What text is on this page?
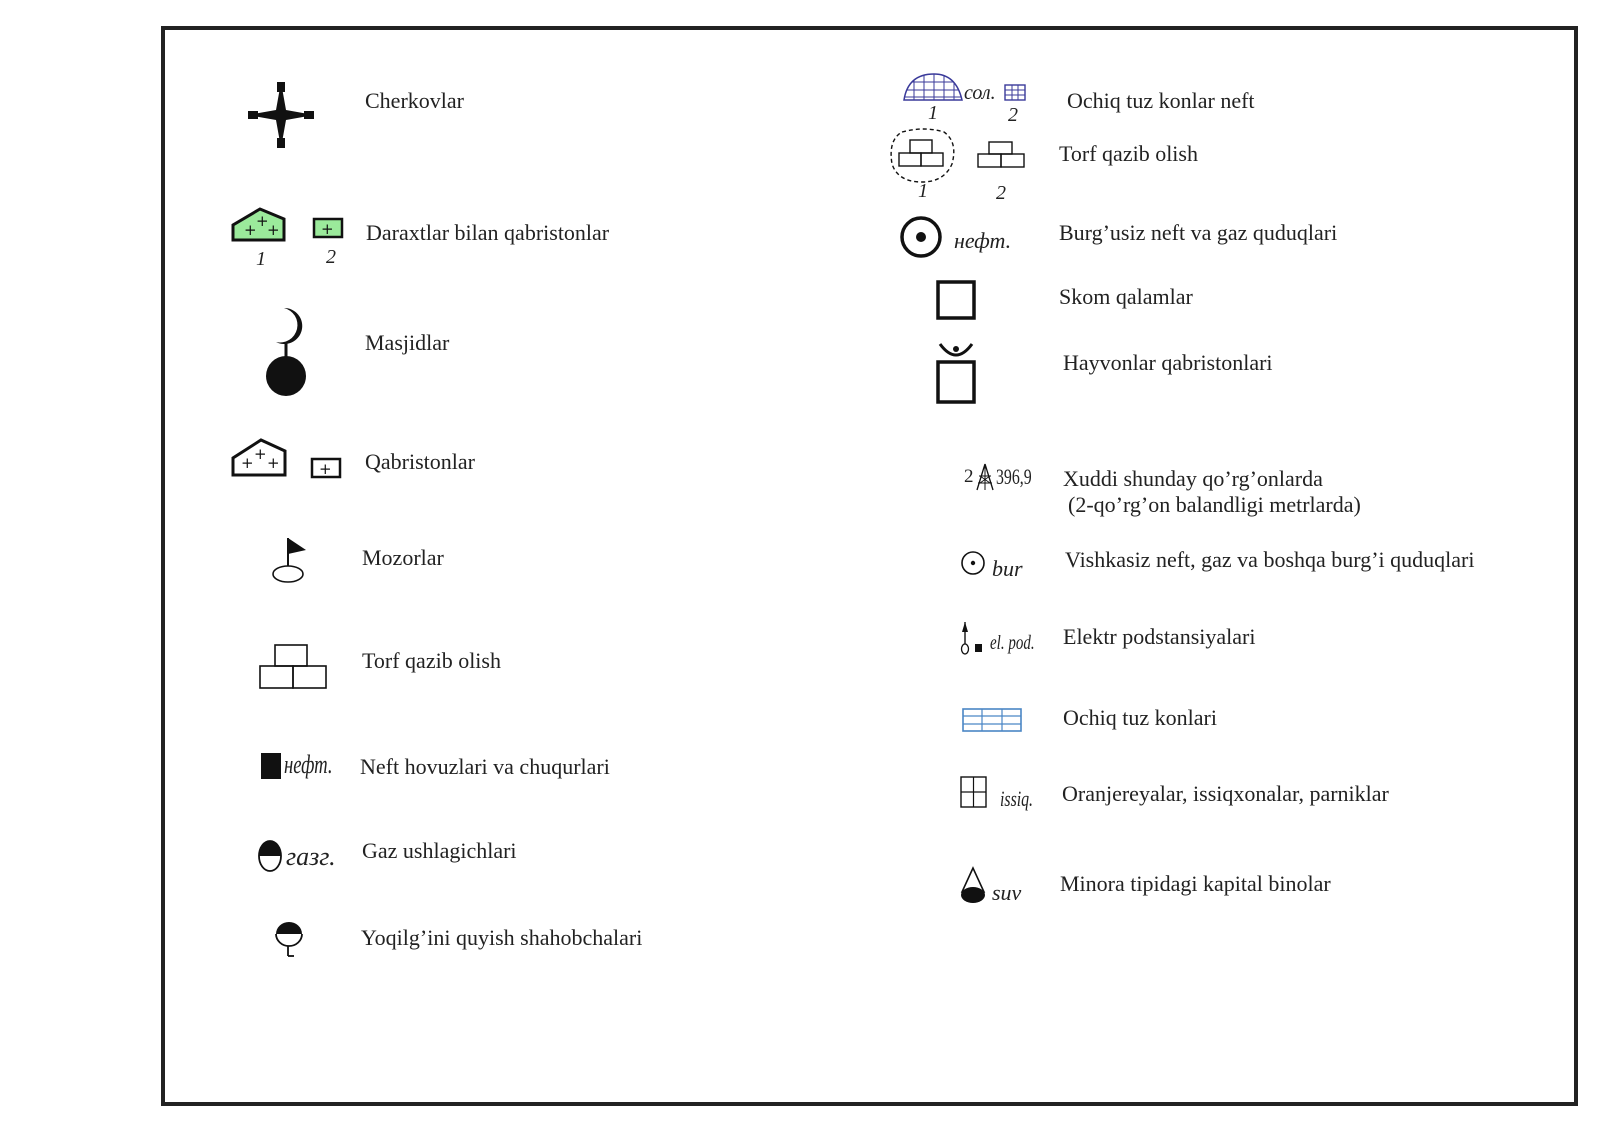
Cherkovlar
+ +
+	+
1	2
Daraxtlar bilan qabristonlar
Masjidlar
+ + +	+ Qabristonlar
Mozorlar
Torf qazib olish
нефт. Neft hovuzlari va chuqurlari
газг. Gaz ushlagichlari
Yoqilg’ini quyish shahobchalari
сол.
1	2
Ochiq tuz konlar neft
1	2
Torf qazib olish
нефт. Burg’usiz neft va gaz quduqlari
Skom qalamlar
Hayvonlar qabristonlari
2 396,9 Xuddi shunday qo’rg’onlarda
(2-qo’rg’on balandligi metrlarda)
bur Vishkasiz neft, gaz va boshqa burg’i quduqlari
el. pod. Elektr podstansiyalari
Ochiq tuz konlari
issiq. Oranjereyalar, issiqxonalar, parniklar
suv Minora tipidagi kapital binolar
